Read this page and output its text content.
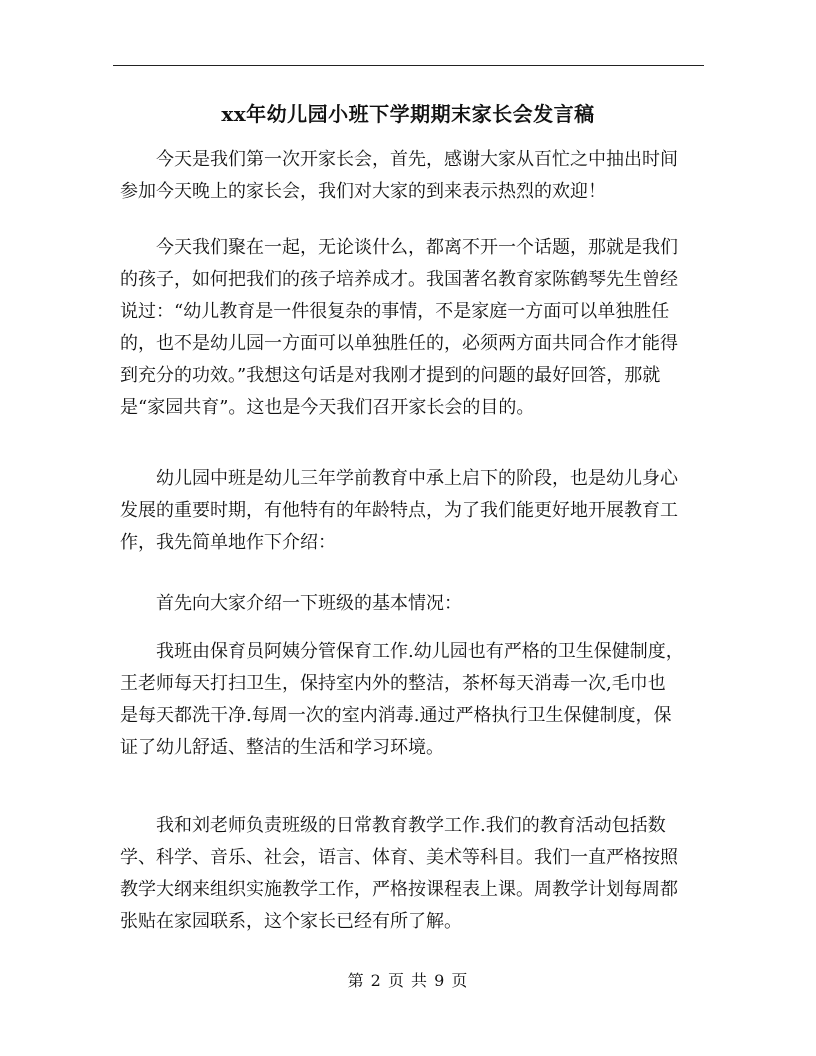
xx年幼儿园小班下学期期末家长会发言稿
　　今天是我们第一次开家长会，首先，感谢大家从百忙之中抽出时间
参加今天晚上的家长会，我们对大家的到来表示热烈的欢迎！
　　今天我们聚在一起，无论谈什么，都离不开一个话题，那就是我们
的孩子，如何把我们的孩子培养成才。我国著名教育家陈鹤琴先生曾经
说过：“幼儿教育是一件很复杂的事情，不是家庭一方面可以单独胜任
的，也不是幼儿园一方面可以单独胜任的，必须两方面共同合作才能得
到充分的功效。”我想这句话是对我刚才提到的问题的最好回答，那就
是“家园共育”。这也是今天我们召开家长会的目的。
　　幼儿园中班是幼儿三年学前教育中承上启下的阶段，也是幼儿身心
发展的重要时期，有他特有的年龄特点，为了我们能更好地开展教育工
作，我先简单地作下介绍：
　　首先向大家介绍一下班级的基本情况：
　　我班由保育员阿姨分管保育工作.幼儿园也有严格的卫生保健制度，
王老师每天打扫卫生，保持室内外的整洁，茶杯每天消毒一次,毛巾也
是每天都洗干净.每周一次的室内消毒.通过严格执行卫生保健制度，保
证了幼儿舒适、整洁的生活和学习环境。
　　我和刘老师负责班级的日常教育教学工作.我们的教育活动包括数
学、科学、音乐、社会，语言、体育、美术等科目。我们一直严格按照
教学大纲来组织实施教学工作，严格按课程表上课。周教学计划每周都
张贴在家园联系，这个家长已经有所了解。
第 2 页 共 9 页
